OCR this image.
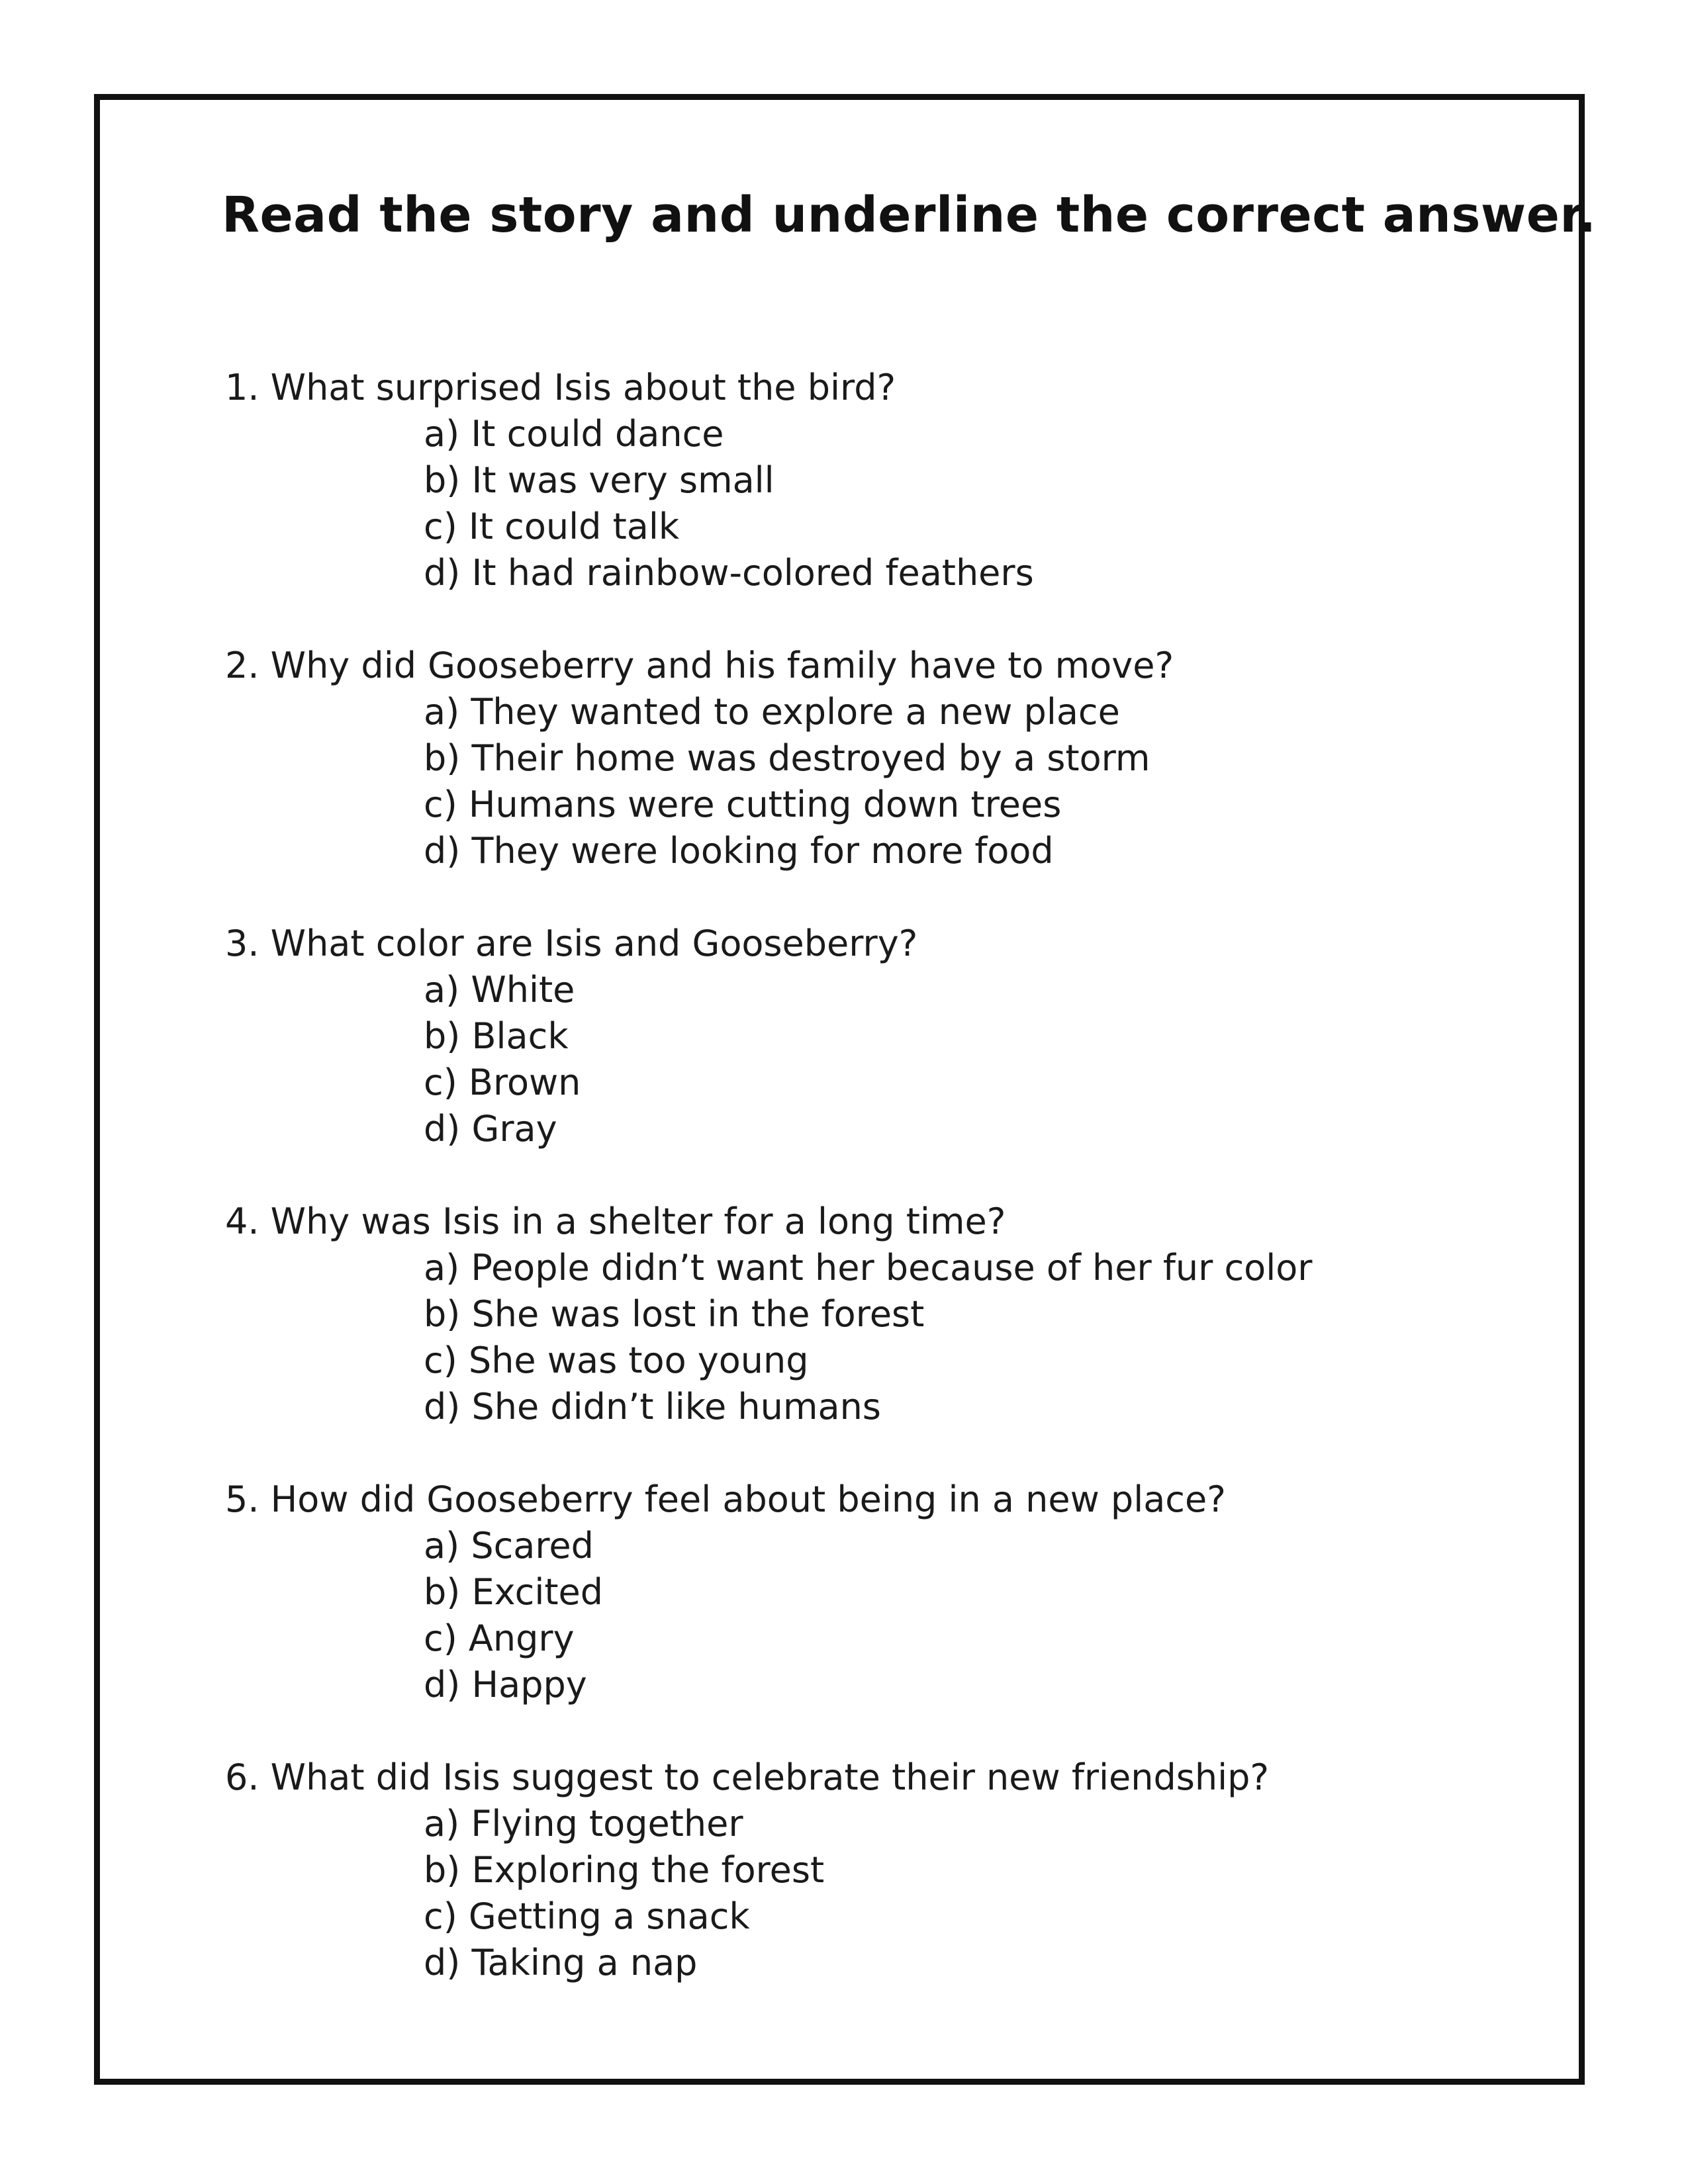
Read the story and underline the correct answer.
1. What surprised Isis about the bird?
a) It could dance
b) It was very small
c) It could talk
d) It had rainbow-colored feathers
2. Why did Gooseberry and his family have to move?
a) They wanted to explore a new place
b) Their home was destroyed by a storm
c) Humans were cutting down trees
d) They were looking for more food
3. What color are Isis and Gooseberry?
a) White
b) Black
c) Brown
d) Gray
4. Why was Isis in a shelter for a long time?
a) People didn’t want her because of her fur color
b) She was lost in the forest
c) She was too young
d) She didn’t like humans
5. How did Gooseberry feel about being in a new place?
a) Scared
b) Excited
c) Angry
d) Happy
6. What did Isis suggest to celebrate their new friendship?
a) Flying together
b) Exploring the forest
c) Getting a snack
d) Taking a nap
